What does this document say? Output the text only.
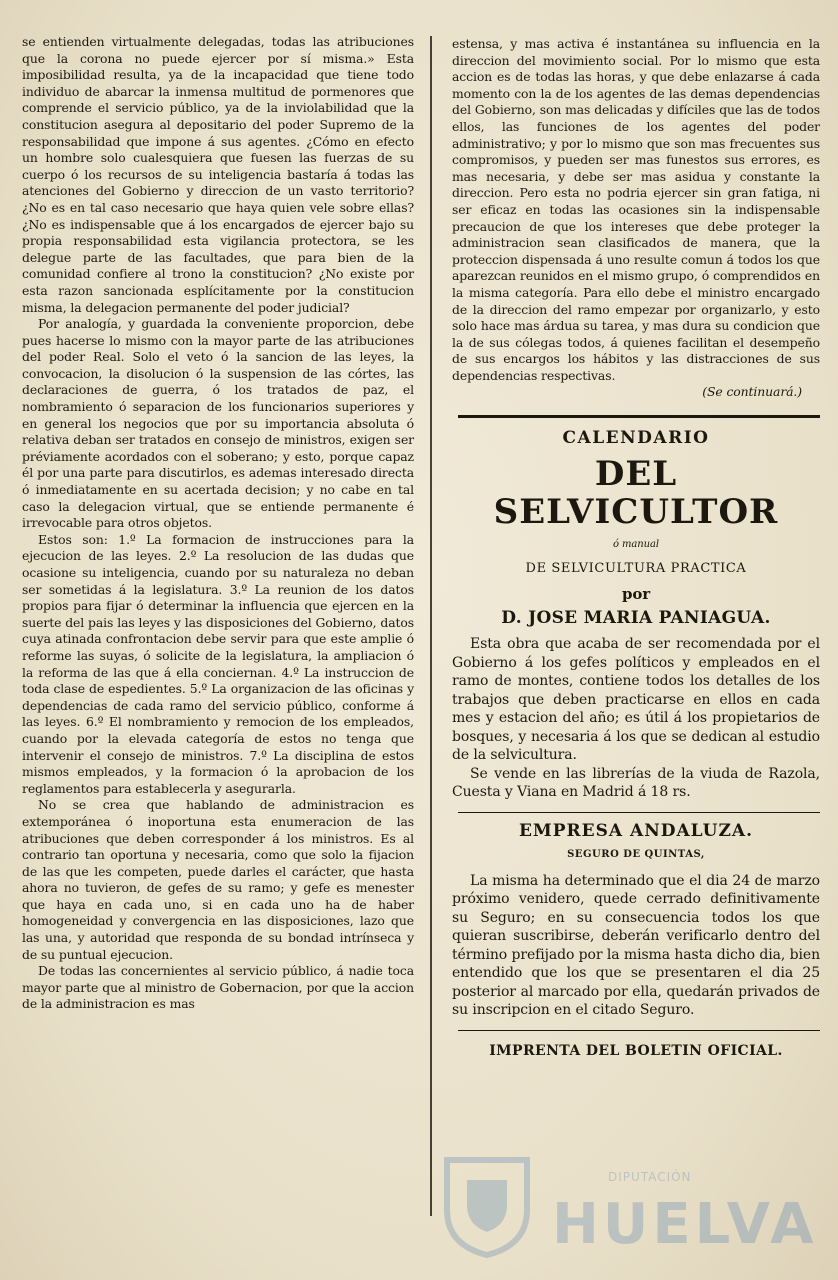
se entienden virtualmente delegadas, todas las atribuciones que la corona no puede ejercer por sí misma.» Esta imposibilidad resulta, ya de la incapacidad que tiene todo individuo de abarcar la inmensa multitud de pormenores que comprende el servicio público, ya de la inviolabilidad que la constitucion asegura al depositario del poder Supremo de la responsabilidad que impone á sus agentes. ¿Cómo en efecto un hombre solo cualesquiera que fuesen las fuerzas de su cuerpo ó los recursos de su inteligencia bastaría á todas las atenciones del Gobierno y direccion de un vasto territorio? ¿No es en tal caso necesario que haya quien vele sobre ellas? ¿No es indispensable que á los encargados de ejercer bajo su propia responsabilidad esta vigilancia protectora, se les delegue parte de las facultades, que para bien de la comunidad confiere al trono la constitucion? ¿No existe por esta razon sancionada esplícitamente por la constitucion misma, la delegacion permanente del poder judicial?

Por analogía, y guardada la conveniente proporcion, debe pues hacerse lo mismo con la mayor parte de las atribuciones del poder Real. Solo el veto ó la sancion de las leyes, la convocacion, la disolucion ó la suspension de las córtes, las declaraciones de guerra, ó los tratados de paz, el nombramiento ó separacion de los funcionarios superiores y en general los negocios que por su importancia absoluta ó relativa deban ser tratados en consejo de ministros, exigen ser préviamente acordados con el soberano; y esto, porque capaz él por una parte para discutirlos, es ademas interesado directa ó inmediatamente en su acertada decision; y no cabe en tal caso la delegacion virtual, que se entiende permanente é irrevocable para otros objetos.

Estos son: 1.º La formacion de instrucciones para la ejecucion de las leyes. 2.º La resolucion de las dudas que ocasione su inteligencia, cuando por su naturaleza no deban ser sometidas á la legislatura. 3.º La reunion de los datos propios para fijar ó determinar la influencia que ejercen en la suerte del pais las leyes y las disposiciones del Gobierno, datos cuya atinada confrontacion debe servir para que este amplie ó reforme las suyas, ó solicite de la legislatura, la ampliacion ó la reforma de las que á ella conciernan. 4.º La instruccion de toda clase de espedientes. 5.º La organizacion de las oficinas y dependencias de cada ramo del servicio público, conforme á las leyes. 6.º El nombramiento y remocion de los empleados, cuando por la elevada categoría de estos no tenga que intervenir el consejo de ministros. 7.º La disciplina de estos mismos empleados, y la formacion ó la aprobacion de los reglamentos para establecerla y asegurarla.

No se crea que hablando de administracion es extemporánea ó inoportuna esta enumeracion de las atribuciones que deben corresponder á los ministros. Es al contrario tan oportuna y necesaria, como que solo la fijacion de las que les competen, puede darles el carácter, que hasta ahora no tuvieron, de gefes de su ramo; y gefe es menester que haya en cada uno, si en cada uno ha de haber homogeneidad y convergencia en las disposiciones, lazo que las una, y autoridad que responda de su bondad intrínseca y de su puntual ejecucion.

De todas las concernientes al servicio público, á nadie toca mayor parte que al ministro de Gobernacion, por que la accion de la administracion es mas

estensa, y mas activa é instantánea su influencia en la direccion del movimiento social. Por lo mismo que esta accion es de todas las horas, y que debe enlazarse á cada momento con la de los agentes de las demas dependencias del Gobierno, son mas delicadas y difíciles que las de todos ellos, las funciones de los agentes del poder administrativo; y por lo mismo que son mas frecuentes sus compromisos, y pueden ser mas funestos sus errores, es mas necesaria, y debe ser mas asidua y constante la direccion. Pero esta no podria ejercer sin gran fatiga, ni ser eficaz en todas las ocasiones sin la indispensable precaucion de que los intereses que debe proteger la administracion sean clasificados de manera, que la proteccion dispensada á uno resulte comun á todos los que aparezcan reunidos en el mismo grupo, ó comprendidos en la misma categoría. Para ello debe el ministro encargado de la direccion del ramo empezar por organizarlo, y esto solo hace mas árdua su tarea, y mas dura su condicion que la de sus cólegas todos, á quienes facilitan el desempeño de sus encargos los hábitos y las distracciones de sus dependencias respectivas.

(Se continuará.)
CALENDARIO
DEL SELVICULTOR
ó manual
DE SELVICULTURA PRACTICA
por
D. JOSE MARIA PANIAGUA.

Esta obra que acaba de ser recomendada por el Gobierno á los gefes políticos y empleados en el ramo de montes, contiene todos los detalles de los trabajos que deben practicarse en ellos en cada mes y estacion del año; es útil á los propietarios de bosques, y necesaria á los que se dedican al estudio de la selvicultura.

Se vende en las librerías de la viuda de Razola, Cuesta y Viana en Madrid á 18 rs.

EMPRESA ANDALUZA.
SEGURO DE QUINTAS,

La misma ha determinado que el dia 24 de marzo próximo venidero, quede cerrado definitivamente su Seguro; en su consecuencia todos los que quieran suscribirse, deberán verificarlo dentro del término prefijado por la misma hasta dicho dia, bien entendido que los que se presentaren el dia 25 posterior al marcado por ella, quedarán privados de su inscripcion en el citado Seguro.

IMPRENTA DEL BOLETIN OFICIAL.
DIPUTACIÓN
HUELVA
